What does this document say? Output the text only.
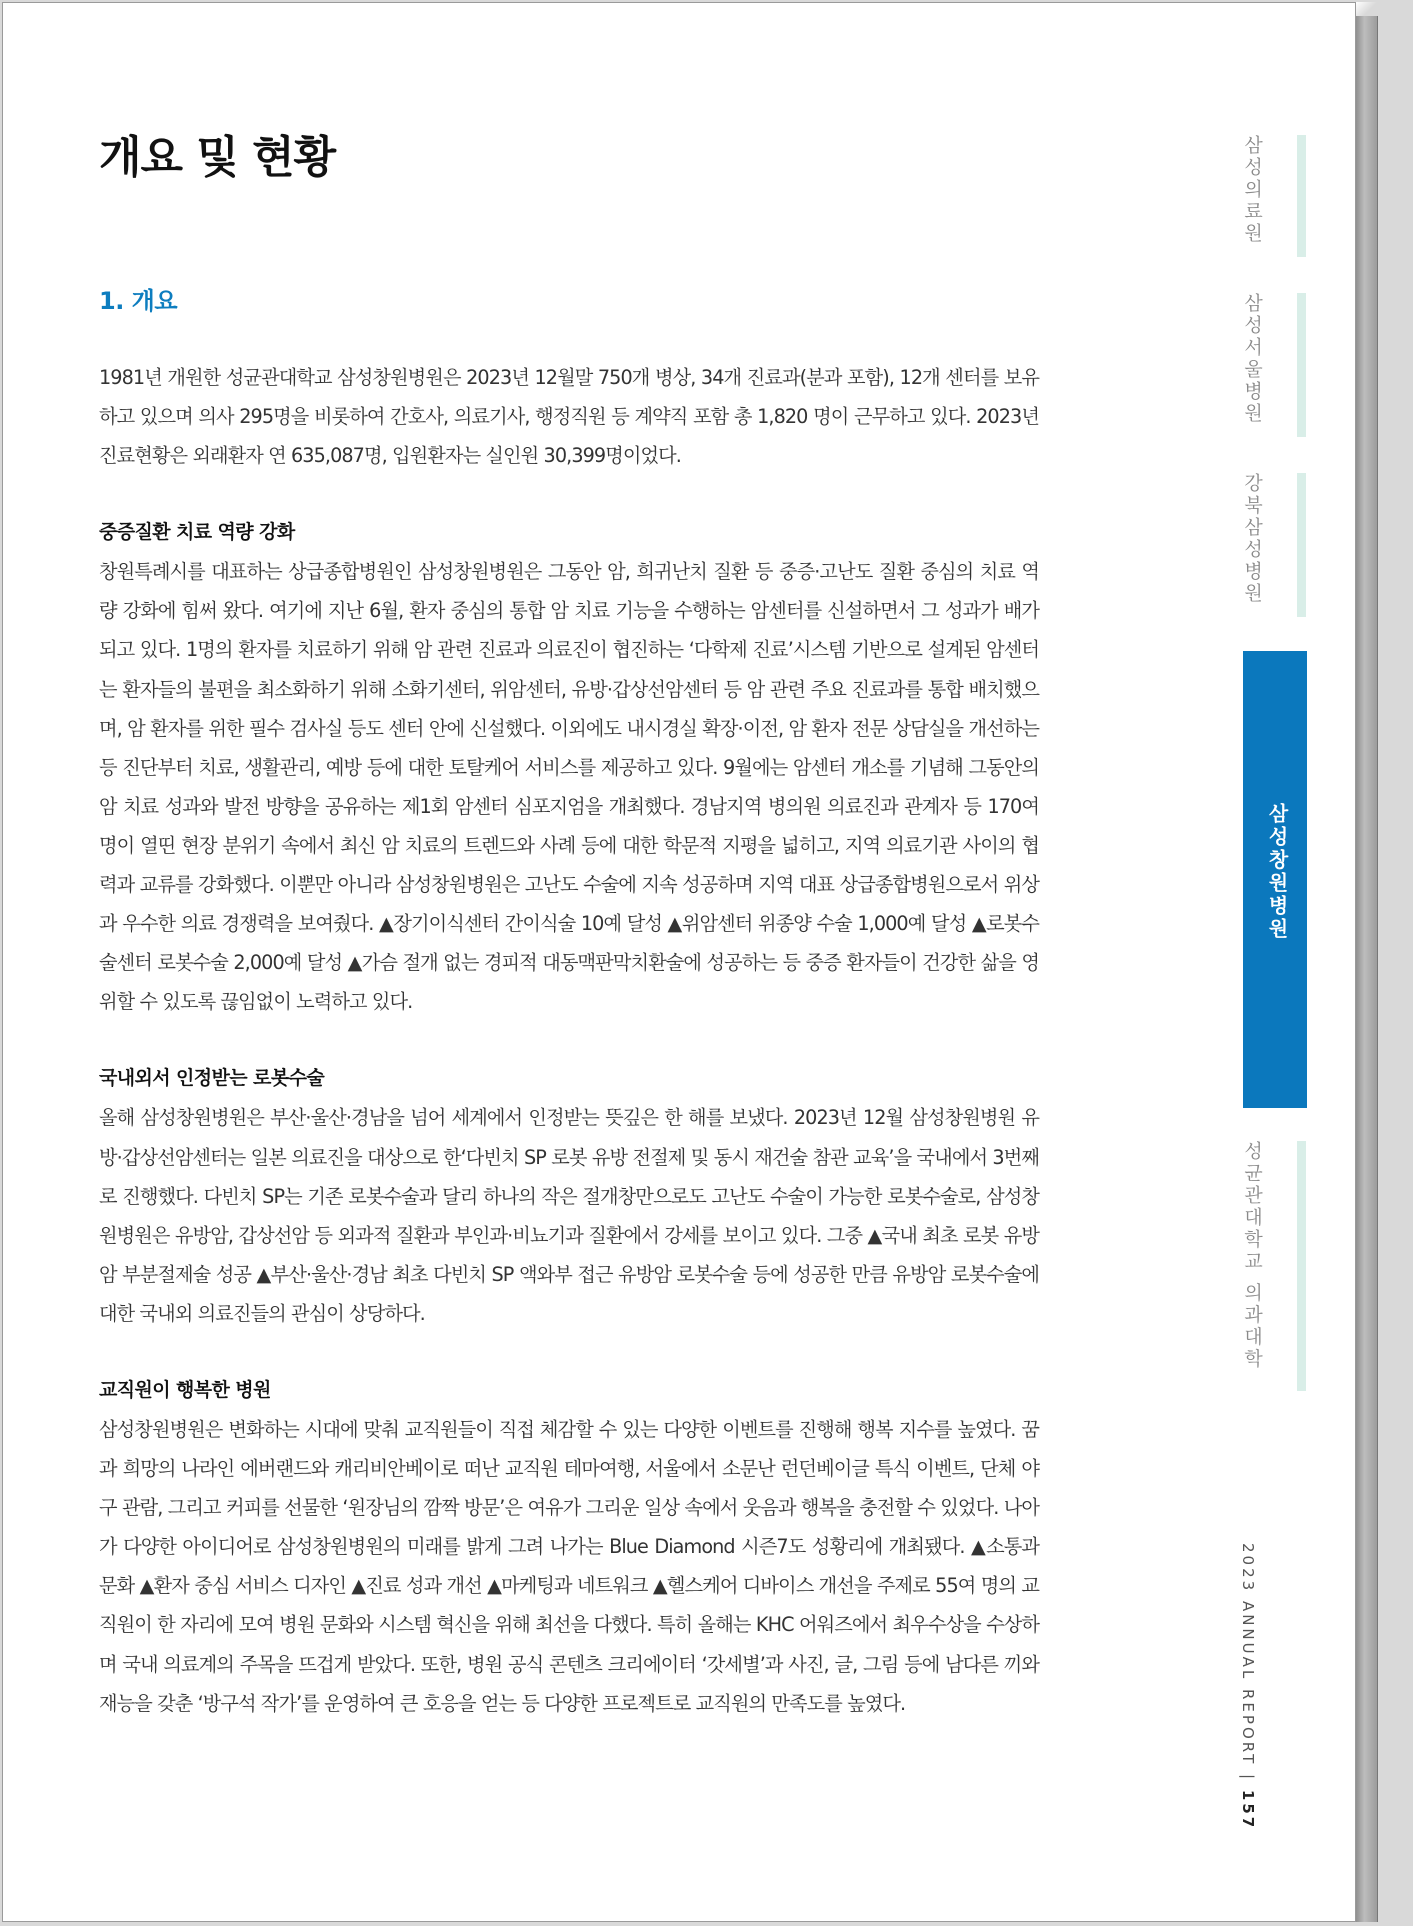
개요 및 현황
1. 개요

1981년 개원한 성균관대학교 삼성창원병원은 2023년 12월말 750개 병상, 34개 진료과(분과 포함), 12개 센터를 보유하고 있으며 의사 295명을 비롯하여 간호사, 의료기사, 행정직원 등 계약직 포함 총 1,820 명이 근무하고 있다. 2023년 진료현황은 외래환자 연 635,087명, 입원환자는 실인원 30,399명이었다.

중증질환 치료 역량 강화

창원특례시를 대표하는 상급종합병원인 삼성창원병원은 그동안 암, 희귀난치 질환 등 중증·고난도 질환 중심의 치료 역량 강화에 힘써 왔다. 여기에 지난 6월, 환자 중심의 통합 암 치료 기능을 수행하는 암센터를 신설하면서 그 성과가 배가 되고 있다. 1명의 환자를 치료하기 위해 암 관련 진료과 의료진이 협진하는 ‘다학제 진료’시스템 기반으로 설계된 암센터는 환자들의 불편을 최소화하기 위해 소화기센터, 위암센터, 유방·갑상선암센터 등 암 관련 주요 진료과를 통합 배치했으며, 암 환자를 위한 필수 검사실 등도 센터 안에 신설했다. 이외에도 내시경실 확장·이전, 암 환자 전문 상담실을 개선하는 등 진단부터 치료, 생활관리, 예방 등에 대한 토탈케어 서비스를 제공하고 있다. 9월에는 암센터 개소를 기념해 그동안의 암 치료 성과와 발전 방향을 공유하는 제1회 암센터 심포지엄을 개최했다. 경남지역 병의원 의료진과 관계자 등 170여 명이 열띤 현장 분위기 속에서 최신 암 치료의 트렌드와 사례 등에 대한 학문적 지평을 넓히고, 지역 의료기관 사이의 협력과 교류를 강화했다. 이뿐만 아니라 삼성창원병원은 고난도 수술에 지속 성공하며 지역 대표 상급종합병원으로서 위상과 우수한 의료 경쟁력을 보여줬다. ▲장기이식센터 간이식술 10예 달성 ▲위암센터 위종양 수술 1,000예 달성 ▲로봇수술센터 로봇수술 2,000예 달성 ▲가슴 절개 없는 경피적 대동맥판막치환술에 성공하는 등 중증 환자들이 건강한 삶을 영위할 수 있도록 끊임없이 노력하고 있다.

국내외서 인정받는 로봇수술

올해 삼성창원병원은 부산·울산·경남을 넘어 세계에서 인정받는 뜻깊은 한 해를 보냈다. 2023년 12월 삼성창원병원 유방·갑상선암센터는 일본 의료진을 대상으로 한‘다빈치 SP 로봇 유방 전절제 및 동시 재건술 참관 교육’을 국내에서 3번째로 진행했다. 다빈치 SP는 기존 로봇수술과 달리 하나의 작은 절개창만으로도 고난도 수술이 가능한 로봇수술로, 삼성창원병원은 유방암, 갑상선암 등 외과적 질환과 부인과·비뇨기과 질환에서 강세를 보이고 있다. 그중 ▲국내 최초 로봇 유방암 부분절제술 성공 ▲부산·울산·경남 최초 다빈치 SP 액와부 접근 유방암 로봇수술 등에 성공한 만큼 유방암 로봇수술에 대한 국내외 의료진들의 관심이 상당하다.

교직원이 행복한 병원

삼성창원병원은 변화하는 시대에 맞춰 교직원들이 직접 체감할 수 있는 다양한 이벤트를 진행해 행복 지수를 높였다. 꿈과 희망의 나라인 에버랜드와 캐리비안베이로 떠난 교직원 테마여행, 서울에서 소문난 런던베이글 특식 이벤트, 단체 야구 관람, 그리고 커피를 선물한 ‘원장님의 깜짝 방문’은 여유가 그리운 일상 속에서 웃음과 행복을 충전할 수 있었다. 나아가 다양한 아이디어로 삼성창원병원의 미래를 밝게 그려 나가는 Blue Diamond 시즌7도 성황리에 개최됐다. ▲소통과 문화 ▲환자 중심 서비스 디자인 ▲진료 성과 개선 ▲마케팅과 네트워크 ▲헬스케어 디바이스 개선을 주제로 55여 명의 교직원이 한 자리에 모여 병원 문화와 시스템 혁신을 위해 최선을 다했다. 특히 올해는 KHC 어워즈에서 최우수상을 수상하며 국내 의료계의 주목을 뜨겁게 받았다. 또한, 병원 공식 콘텐츠 크리에이터 ‘갓세별’과 사진, 글, 그림 등에 남다른 끼와 재능을 갖춘 ‘방구석 작가’를 운영하여 큰 호응을 얻는 등 다양한 프로젝트로 교직원의 만족도를 높였다.

삼성의료원
삼성서울병원
강북삼성병원
삼성창원병원
성균관대학교 의과대학
2023 ANNUAL REPORT | 157
